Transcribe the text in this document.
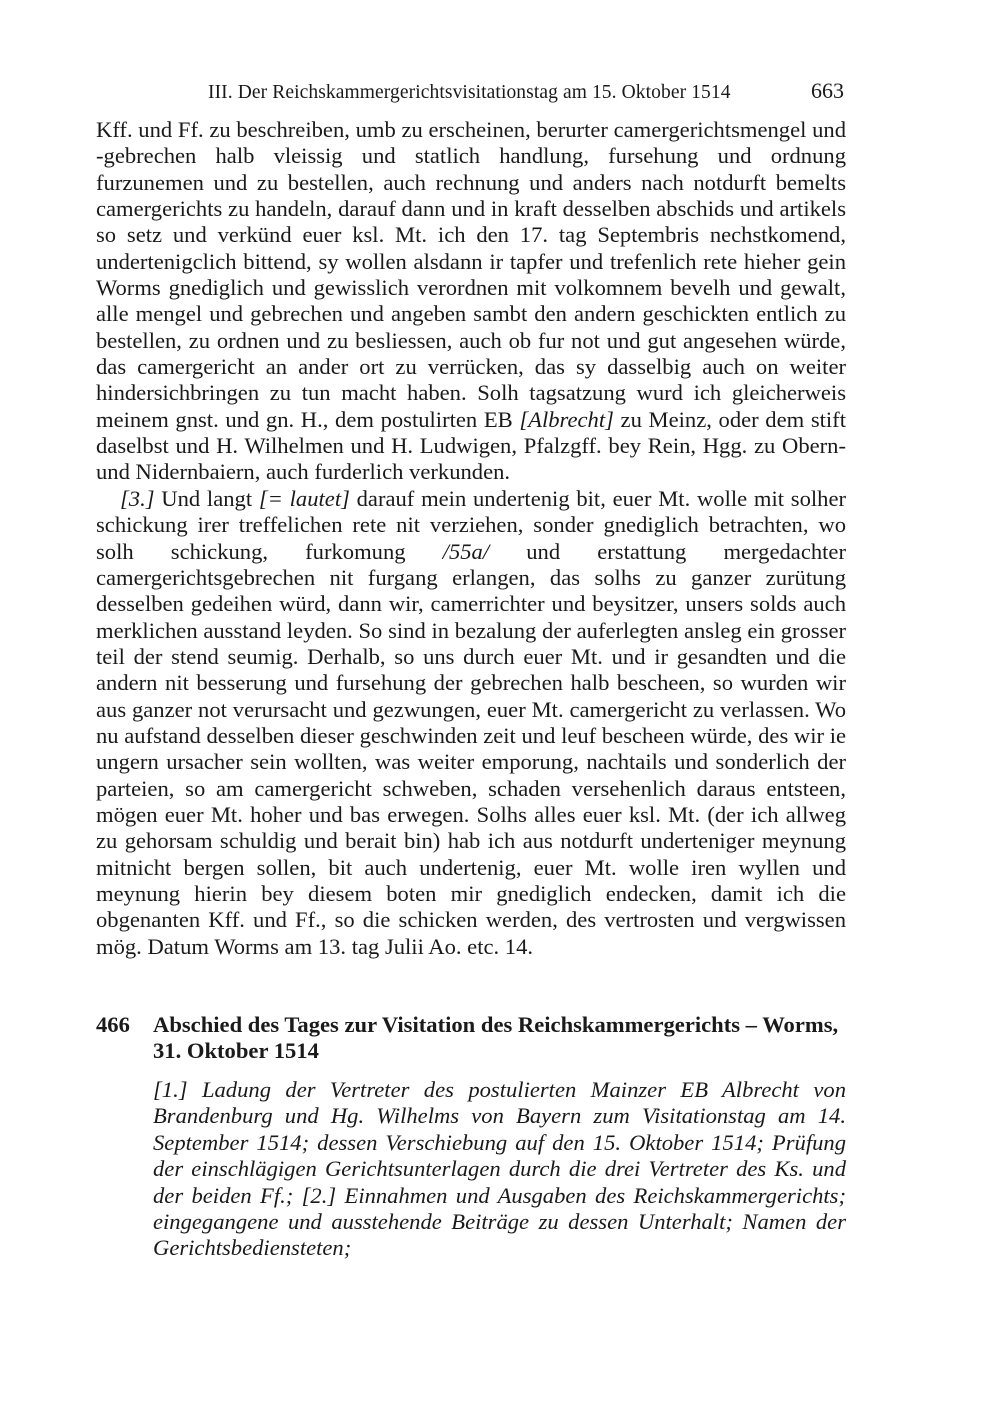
III. Der Reichskammergerichtsvisitationstag am 15. Oktober 1514	663

Kff. und Ff. zu beschreiben, umb zu erscheinen, berurter camergerichtsmengel und -gebrechen halb vleissig und statlich handlung, fursehung und ordnung furzunemen und zu bestellen, auch rechnung und anders nach notdurft bemelts camergerichts zu handeln, darauf dann und in kraft desselben abschids und artikels so setz und verkünd euer ksl. Mt. ich den 17. tag Septembris nechstkomend, undertenigclich bittend, sy wollen alsdann ir tapfer und trefenlich rete hieher gein Worms gnediglich und gewisslich verordnen mit volkomnem bevelh und gewalt, alle mengel und gebrechen und angeben sambt den andern geschickten entlich zu bestellen, zu ordnen und zu besliessen, auch ob fur not und gut angesehen würde, das camergericht an ander ort zu verrücken, das sy dasselbig auch on weiter hindersichbringen zu tun macht haben. Solh tagsatzung wurd ich gleicherweis meinem gnst. und gn. H., dem postulirten EB [Albrecht] zu Meinz, oder dem stift daselbst und H. Wilhelmen und H. Ludwigen, Pfalzgff. bey Rein, Hgg. zu Obern- und Nidernbaiern, auch furderlich verkunden.

[3.] Und langt [= lautet] darauf mein undertenig bit, euer Mt. wolle mit solher schickung irer treffelichen rete nit verziehen, sonder gnediglich betrachten, wo solh schickung, furkomung /55a/ und erstattung mergedachter camergerichtsgebrechen nit furgang erlangen, das solhs zu ganzer zurütung desselben gedeihen würd, dann wir, camerrichter und beysitzer, unsers solds auch merklichen ausstand leyden. So sind in bezalung der auferlegten ansleg ein grosser teil der stend seumig. Derhalb, so uns durch euer Mt. und ir gesandten und die andern nit besserung und fursehung der gebrechen halb bescheen, so wurden wir aus ganzer not verursacht und gezwungen, euer Mt. camergericht zu verlassen. Wo nu aufstand desselben dieser geschwinden zeit und leuf bescheen würde, des wir ie ungern ursacher sein wollten, was weiter emporung, nachtails und sonderlich der parteien, so am camergericht schweben, schaden versehenlich daraus entsteen, mögen euer Mt. hoher und bas erwegen. Solhs alles euer ksl. Mt. (der ich allweg zu gehorsam schuldig und berait bin) hab ich aus notdurft underteniger meynung mitnicht bergen sollen, bit auch undertenig, euer Mt. wolle iren wyllen und meynung hierin bey diesem boten mir gnediglich endecken, damit ich die obgenanten Kff. und Ff., so die schicken werden, des vertrosten und vergwissen mög. Datum Worms am 13. tag Julii Ao. etc. 14.

466 Abschied des Tages zur Visitation des Reichskammergerichts – Worms, 31. Oktober 1514
[1.] Ladung der Vertreter des postulierten Mainzer EB Albrecht von Brandenburg und Hg. Wilhelms von Bayern zum Visitationstag am 14. September 1514; dessen Verschiebung auf den 15. Oktober 1514; Prüfung der einschlägigen Gerichtsunterlagen durch die drei Vertreter des Ks. und der beiden Ff.; [2.] Einnahmen und Ausgaben des Reichskammergerichts; eingegangene und ausstehende Beiträge zu dessen Unterhalt; Namen der Gerichtsbediensteten;
